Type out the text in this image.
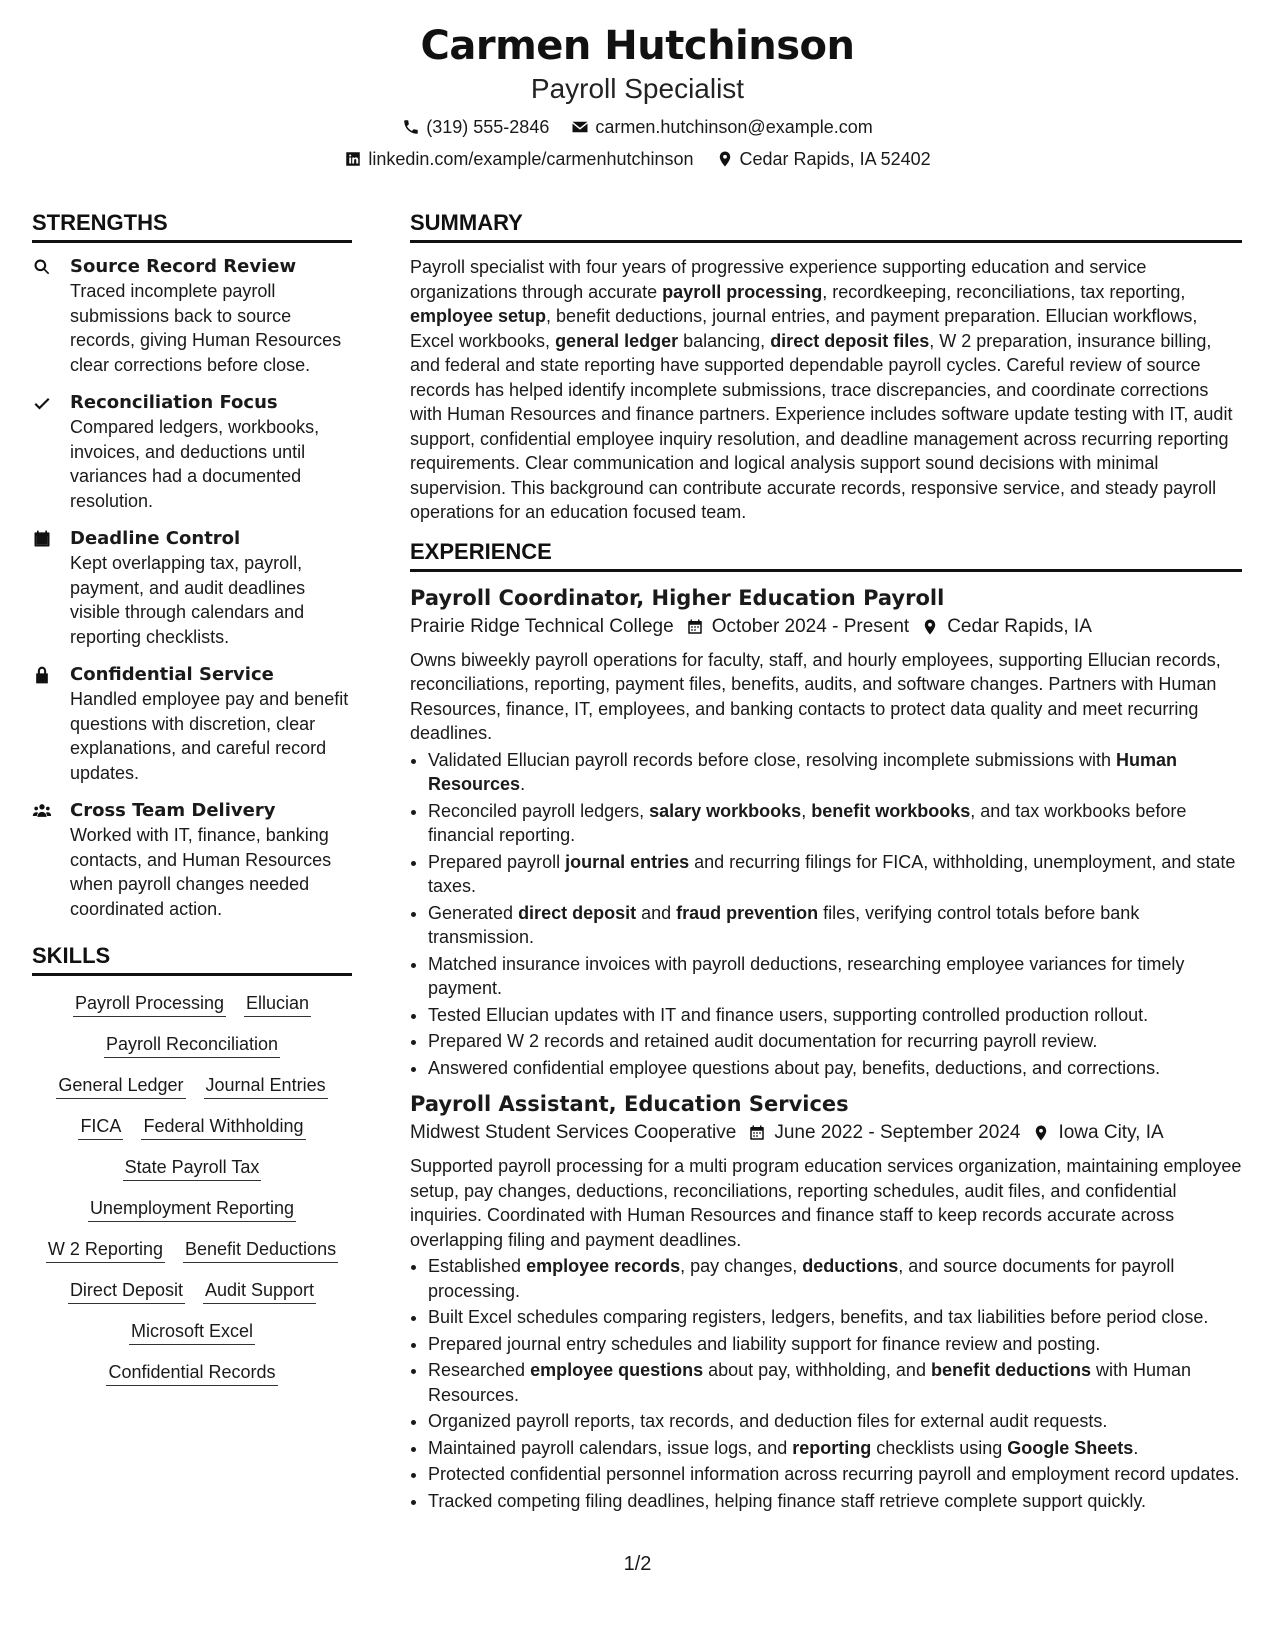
Carmen Hutchinson
Payroll Specialist
(319) 555-2846	carmen.hutchinson@example.com
linkedin.com/example/carmenhutchinson	Cedar Rapids, IA 52402
STRENGTHS
Source Record Review
Traced incomplete payroll submissions back to source records, giving Human Resources clear corrections before close.
Reconciliation Focus
Compared ledgers, workbooks, invoices, and deductions until variances had a documented resolution.
Deadline Control
Kept overlapping tax, payroll, payment, and audit deadlines visible through calendars and reporting checklists.
Confidential Service
Handled employee pay and benefit questions with discretion, clear explanations, and careful record updates.
Cross Team Delivery
Worked with IT, finance, banking contacts, and Human Resources when payroll changes needed coordinated action.
SKILLS
Payroll Processing Ellucian
Payroll Reconciliation
General Ledger Journal Entries
FICA Federal Withholding
State Payroll Tax
Unemployment Reporting
W 2 Reporting Benefit Deductions
Direct Deposit Audit Support
Microsoft Excel
Confidential Records
SUMMARY
Payroll specialist with four years of progressive experience supporting education and service organizations through accurate payroll processing, recordkeeping, reconciliations, tax reporting, employee setup, benefit deductions, journal entries, and payment preparation. Ellucian workflows, Excel workbooks, general ledger balancing, direct deposit files, W 2 preparation, insurance billing, and federal and state reporting have supported dependable payroll cycles. Careful review of source records has helped identify incomplete submissions, trace discrepancies, and coordinate corrections with Human Resources and finance partners. Experience includes software update testing with IT, audit support, confidential employee inquiry resolution, and deadline management across recurring reporting requirements. Clear communication and logical analysis support sound decisions with minimal supervision. This background can contribute accurate records, responsive service, and steady payroll operations for an education focused team.
EXPERIENCE
Payroll Coordinator, Higher Education Payroll
Prairie Ridge Technical College October 2024 - Present Cedar Rapids, IA
Owns biweekly payroll operations for faculty, staff, and hourly employees, supporting Ellucian records, reconciliations, reporting, payment files, benefits, audits, and software changes. Partners with Human Resources, finance, IT, employees, and banking contacts to protect data quality and meet recurring deadlines.
• Validated Ellucian payroll records before close, resolving incomplete submissions with Human Resources.
• Reconciled payroll ledgers, salary workbooks, benefit workbooks, and tax workbooks before financial reporting.
• Prepared payroll journal entries and recurring filings for FICA, withholding, unemployment, and state taxes.
• Generated direct deposit and fraud prevention files, verifying control totals before bank transmission.
• Matched insurance invoices with payroll deductions, researching employee variances for timely payment.
• Tested Ellucian updates with IT and finance users, supporting controlled production rollout.
• Prepared W 2 records and retained audit documentation for recurring payroll review.
• Answered confidential employee questions about pay, benefits, deductions, and corrections.
Payroll Assistant, Education Services
Midwest Student Services Cooperative June 2022 - September 2024 Iowa City, IA
Supported payroll processing for a multi program education services organization, maintaining employee setup, pay changes, deductions, reconciliations, reporting schedules, audit files, and confidential inquiries. Coordinated with Human Resources and finance staff to keep records accurate across overlapping filing and payment deadlines.
• Established employee records, pay changes, deductions, and source documents for payroll processing.
• Built Excel schedules comparing registers, ledgers, benefits, and tax liabilities before period close.
• Prepared journal entry schedules and liability support for finance review and posting.
• Researched employee questions about pay, withholding, and benefit deductions with Human Resources.
• Organized payroll reports, tax records, and deduction files for external audit requests.
• Maintained payroll calendars, issue logs, and reporting checklists using Google Sheets.
• Protected confidential personnel information across recurring payroll and employment record updates.
• Tracked competing filing deadlines, helping finance staff retrieve complete support quickly.
1/2
